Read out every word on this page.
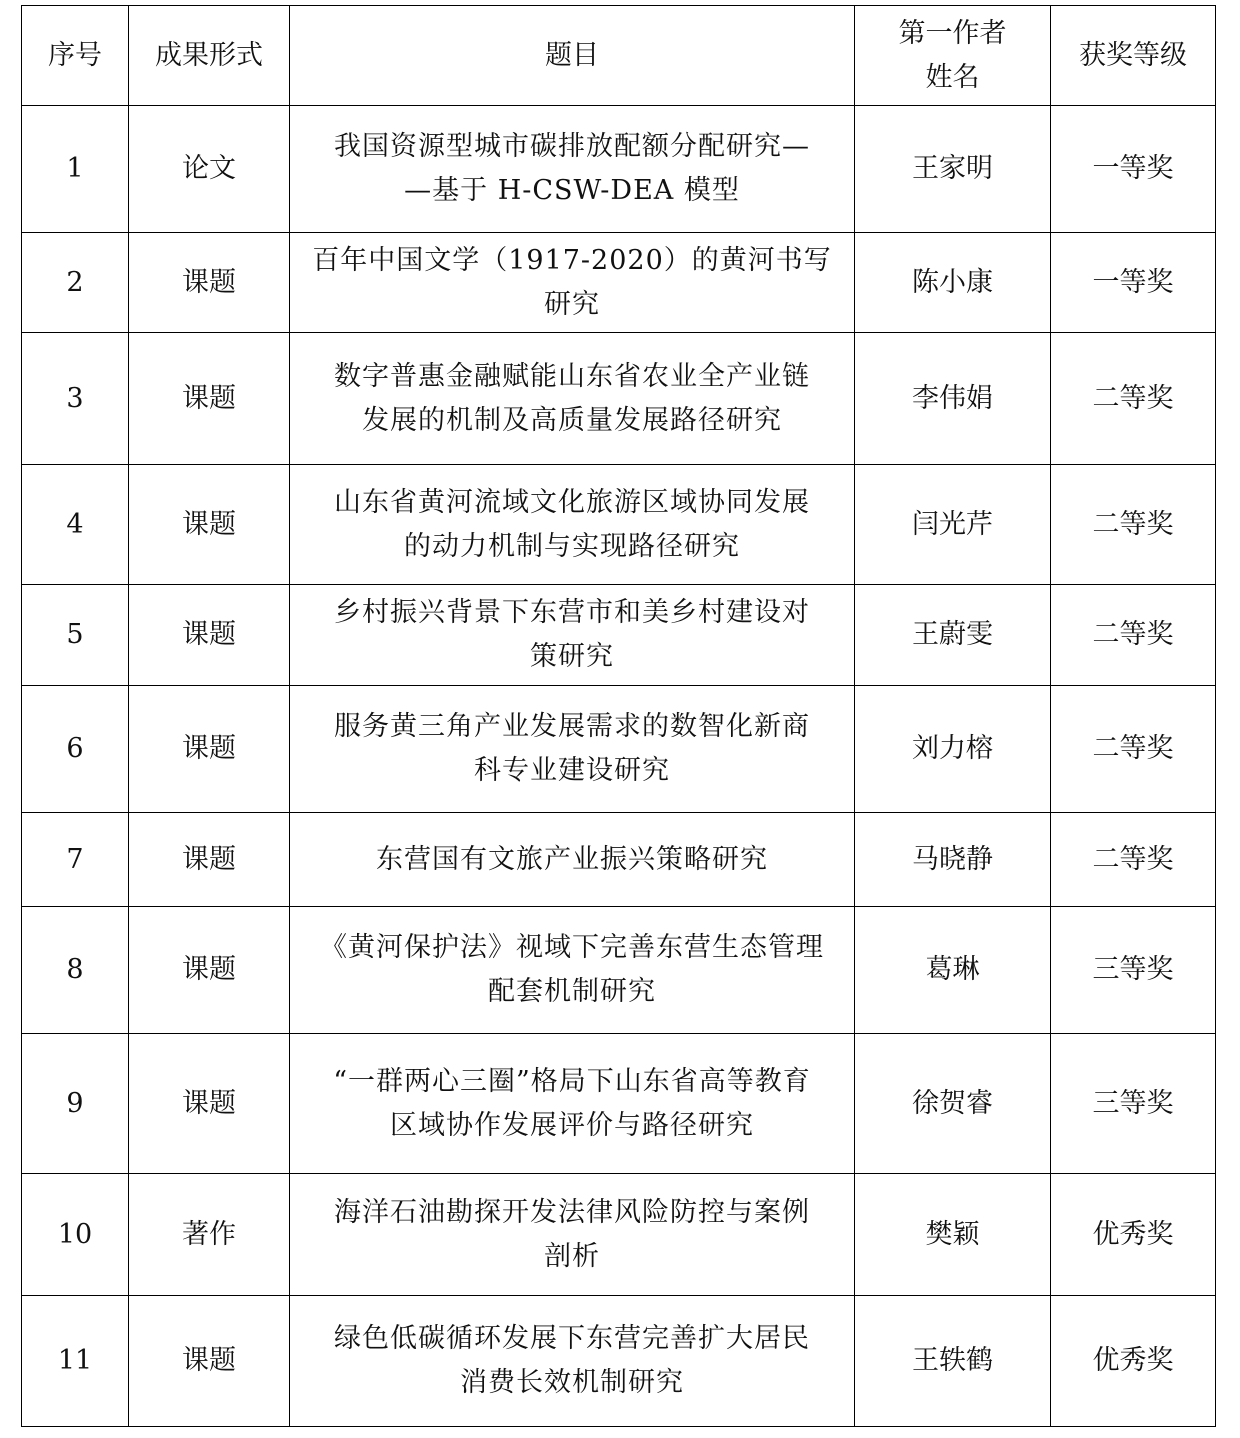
序号	成果形式	题目	第一作者
姓名	获奖等级
1	论文	我国资源型城市碳排放配额分配研究—
—基于 H-CSW-DEA 模型	王家明	一等奖
2	课题	百年中国文学（1917-2020）的黄河书写
研究	陈小康	一等奖
3	课题	数字普惠金融赋能山东省农业全产业链
发展的机制及高质量发展路径研究	李伟娟	二等奖
4	课题	山东省黄河流域文化旅游区域协同发展
的动力机制与实现路径研究	闫光芹	二等奖
5	课题	乡村振兴背景下东营市和美乡村建设对
策研究	王蔚雯	二等奖
6	课题	服务黄三角产业发展需求的数智化新商
科专业建设研究	刘力榕	二等奖
7	课题	东营国有文旅产业振兴策略研究	马晓静	二等奖
8	课题	《黄河保护法》视域下完善东营生态管理
配套机制研究	葛琳	三等奖
9	课题	“一群两心三圈”格局下山东省高等教育
区域协作发展评价与路径研究	徐贺睿	三等奖
10	著作	海洋石油勘探开发法律风险防控与案例
剖析	樊颖	优秀奖
11	课题	绿色低碳循环发展下东营完善扩大居民
消费长效机制研究	王轶鹤	优秀奖
